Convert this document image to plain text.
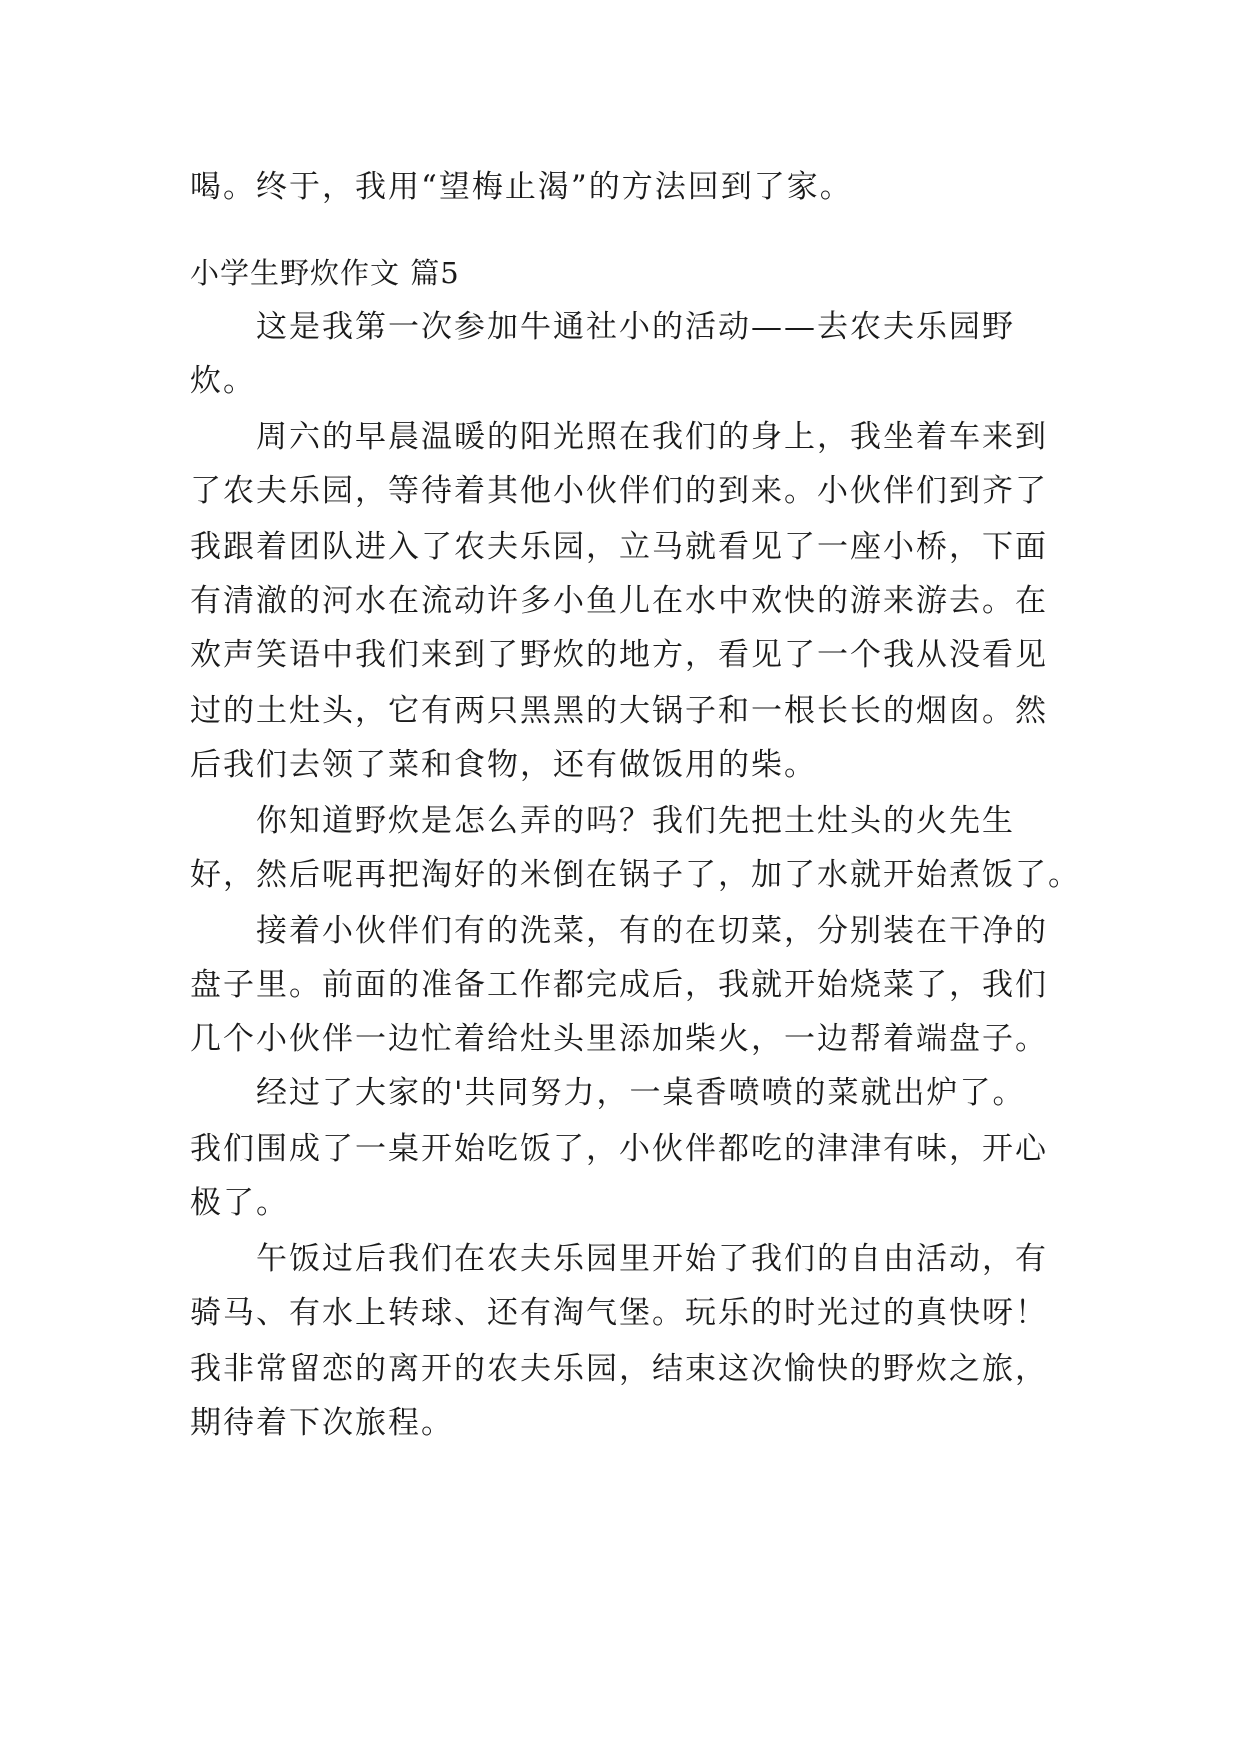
喝。终于，我用“望梅止渴”的方法回到了家。
小学生野炊作文 篇5
这是我第一次参加牛通社小的活动——去农夫乐园野
炊。
周六的早晨温暖的阳光照在我们的身上，我坐着车来到
了农夫乐园，等待着其他小伙伴们的到来。小伙伴们到齐了
我跟着团队进入了农夫乐园，立马就看见了一座小桥，下面
有清澈的河水在流动许多小鱼儿在水中欢快的游来游去。在
欢声笑语中我们来到了野炊的地方，看见了一个我从没看见
过的土灶头，它有两只黑黑的大锅子和一根长长的烟囱。然
后我们去领了菜和食物，还有做饭用的柴。
你知道野炊是怎么弄的吗？我们先把土灶头的火先生
好，然后呢再把淘好的米倒在锅子了，加了水就开始煮饭了。
接着小伙伴们有的洗菜，有的在切菜，分别装在干净的
盘子里。前面的准备工作都完成后，我就开始烧菜了，我们
几个小伙伴一边忙着给灶头里添加柴火，一边帮着端盘子。
经过了大家的'共同努力，一桌香喷喷的菜就出炉了。
我们围成了一桌开始吃饭了，小伙伴都吃的津津有味，开心
极了。
午饭过后我们在农夫乐园里开始了我们的自由活动，有
骑马、有水上转球、还有淘气堡。玩乐的时光过的真快呀！
我非常留恋的离开的农夫乐园，结束这次愉快的野炊之旅，
期待着下次旅程。
